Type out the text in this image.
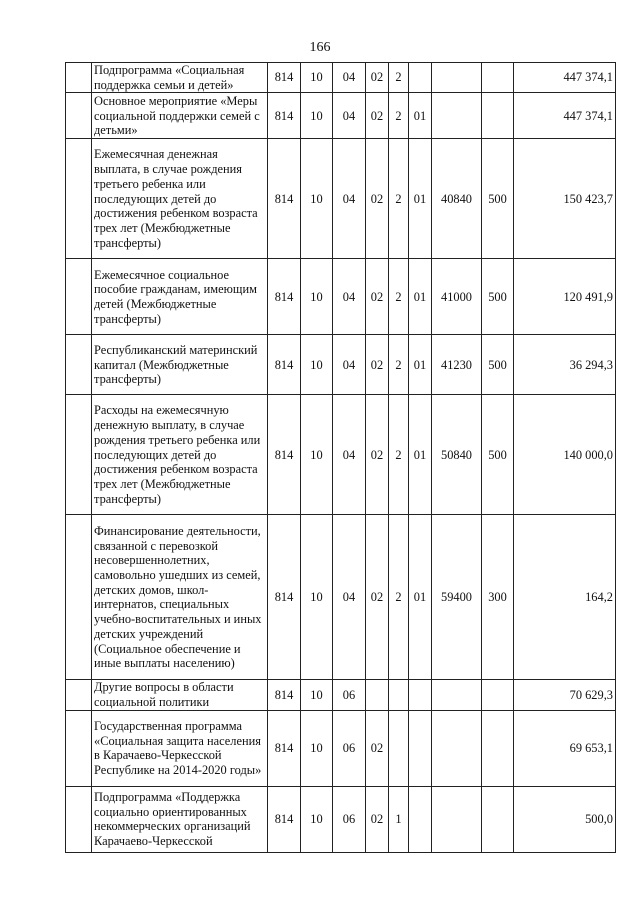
166
	Подпрограмма «Социальная поддержка семьи и детей»	814	10	04	02	2				447 374,1
	Основное мероприятие «Меры социальной поддержки семей с детьми»	814	10	04	02	2	01			447 374,1
	Ежемесячная денежная выплата, в случае рождения третьего ребенка или последующих детей до достижения ребенком возраста трех лет (Межбюджетные трансферты)	814	10	04	02	2	01	40840	500	150 423,7
	Ежемесячное социальное пособие гражданам, имеющим детей (Межбюджетные трансферты)	814	10	04	02	2	01	41000	500	120 491,9
	Республиканский материнский капитал (Межбюджетные трансферты)	814	10	04	02	2	01	41230	500	36 294,3
	Расходы на ежемесячную денежную выплату, в случае рождения третьего ребенка или последующих детей до достижения ребенком возраста трех лет (Межбюджетные трансферты)	814	10	04	02	2	01	50840	500	140 000,0
	Финансирование деятельности, связанной с перевозкой несовершеннолетних, самовольно ушедших из семей, детских домов, школ-интернатов, специальных учебно-воспитательных и иных детских учреждений (Социальное обеспечение и иные выплаты населению)	814	10	04	02	2	01	59400	300	164,2
	Другие вопросы в области социальной политики	814	10	06						70 629,3
	Государственная программа «Социальная защита населения в Карачаево-Черкесской Республике на 2014-2020 годы»	814	10	06	02					69 653,1
	Подпрограмма «Поддержка социально ориентированных некоммерческих организаций Карачаево-Черкесской	814	10	06	02	1				500,0
